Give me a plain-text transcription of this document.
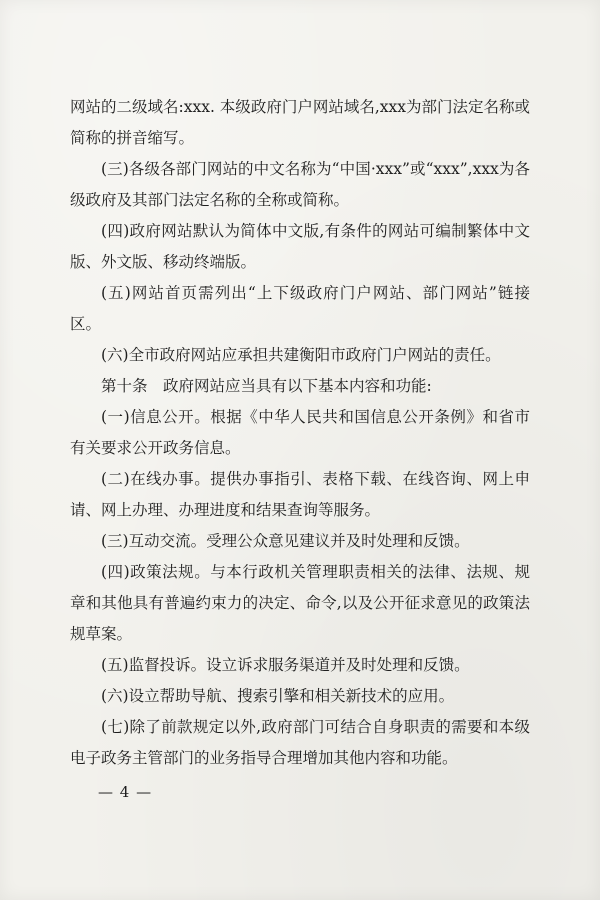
网站的二级域名:xxx. 本级政府门户网站域名,xxx为部门法定名称或简称的拼音缩写。

(三)各级各部门网站的中文名称为“中国·xxx”或“xxx”,xxx为各级政府及其部门法定名称的全称或简称。

(四)政府网站默认为简体中文版,有条件的网站可编制繁体中文版、外文版、移动终端版。

(五)网站首页需列出“上下级政府门户网站、部门网站”链接区。

(六)全市政府网站应承担共建衡阳市政府门户网站的责任。

第十条　政府网站应当具有以下基本内容和功能:

(一)信息公开。根据《中华人民共和国信息公开条例》和省市有关要求公开政务信息。

(二)在线办事。提供办事指引、表格下载、在线咨询、网上申请、网上办理、办理进度和结果查询等服务。

(三)互动交流。受理公众意见建议并及时处理和反馈。

(四)政策法规。与本行政机关管理职责相关的法律、法规、规章和其他具有普遍约束力的决定、命令,以及公开征求意见的政策法规草案。

(五)监督投诉。设立诉求服务渠道并及时处理和反馈。

(六)设立帮助导航、搜索引擎和相关新技术的应用。

(七)除了前款规定以外,政府部门可结合自身职责的需要和本级电子政务主管部门的业务指导合理增加其他内容和功能。

— 4 —
